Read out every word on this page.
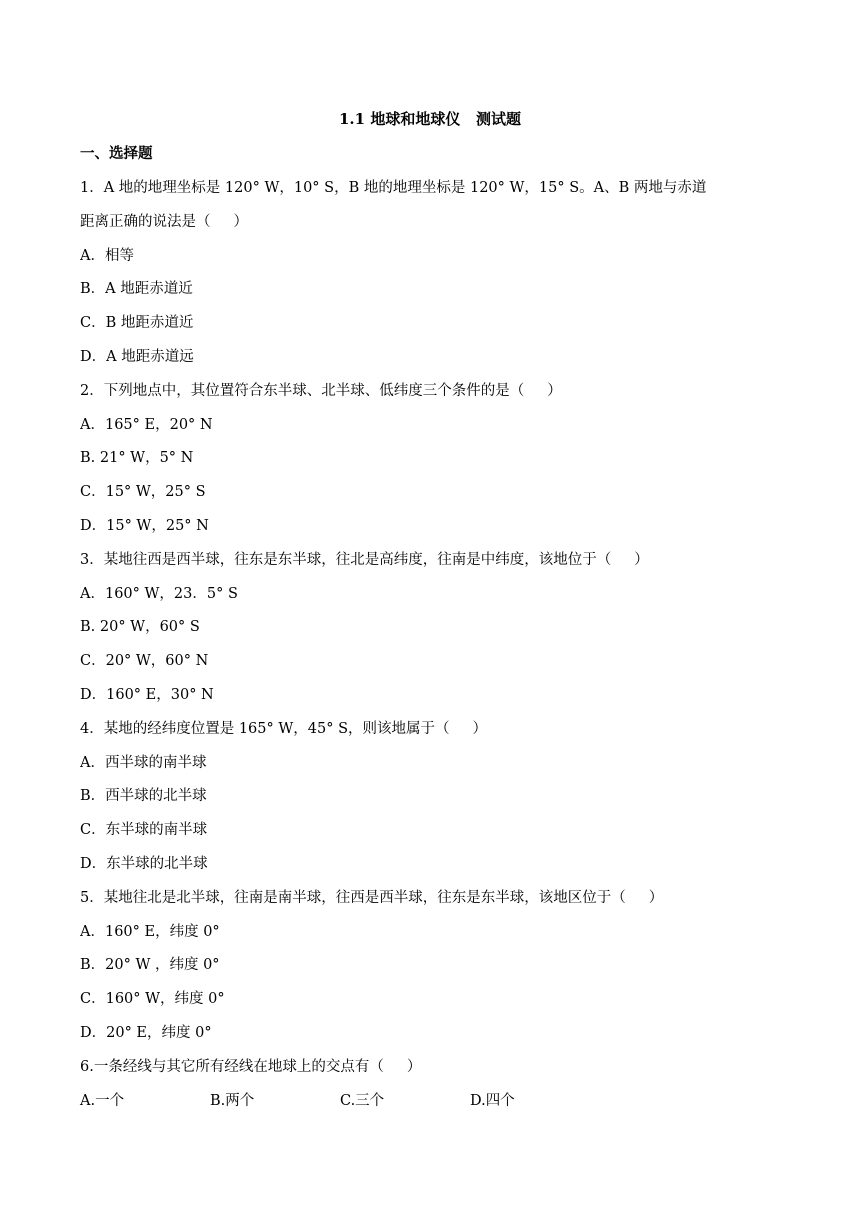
1.1 地球和地球仪   测试题
一、选择题
1．A 地的地理坐标是 120° W，10° S，B 地的地理坐标是 120° W，15° S。A、B 两地与赤道
距离正确的说法是（     ）
A．相等
B．A 地距赤道近
C．B 地距赤道近
D．A 地距赤道远
2．下列地点中，其位置符合东半球、北半球、低纬度三个条件的是（     ）
A．165° E，20° N
B. 21° W，5° N
C．15° W，25° S
D．15° W，25° N
3．某地往西是西半球，往东是东半球，往北是高纬度，往南是中纬度，该地位于（     ）
A．160° W，23．5° S
B. 20° W，60° S
C．20° W，60° N
D．160° E，30° N
4．某地的经纬度位置是 165° W，45° S，则该地属于（     ）
A．西半球的南半球
B．西半球的北半球
C．东半球的南半球
D．东半球的北半球
5．某地往北是北半球，往南是南半球，往西是西半球，往东是东半球，该地区位于（     ）
A．160° E，纬度 0°
B．20° W ，纬度 0°
C．160° W，纬度 0°
D．20° E，纬度 0°
6.一条经线与其它所有经线在地球上的交点有（     ）
A.一个	B.两个	C.三个	D.四个
